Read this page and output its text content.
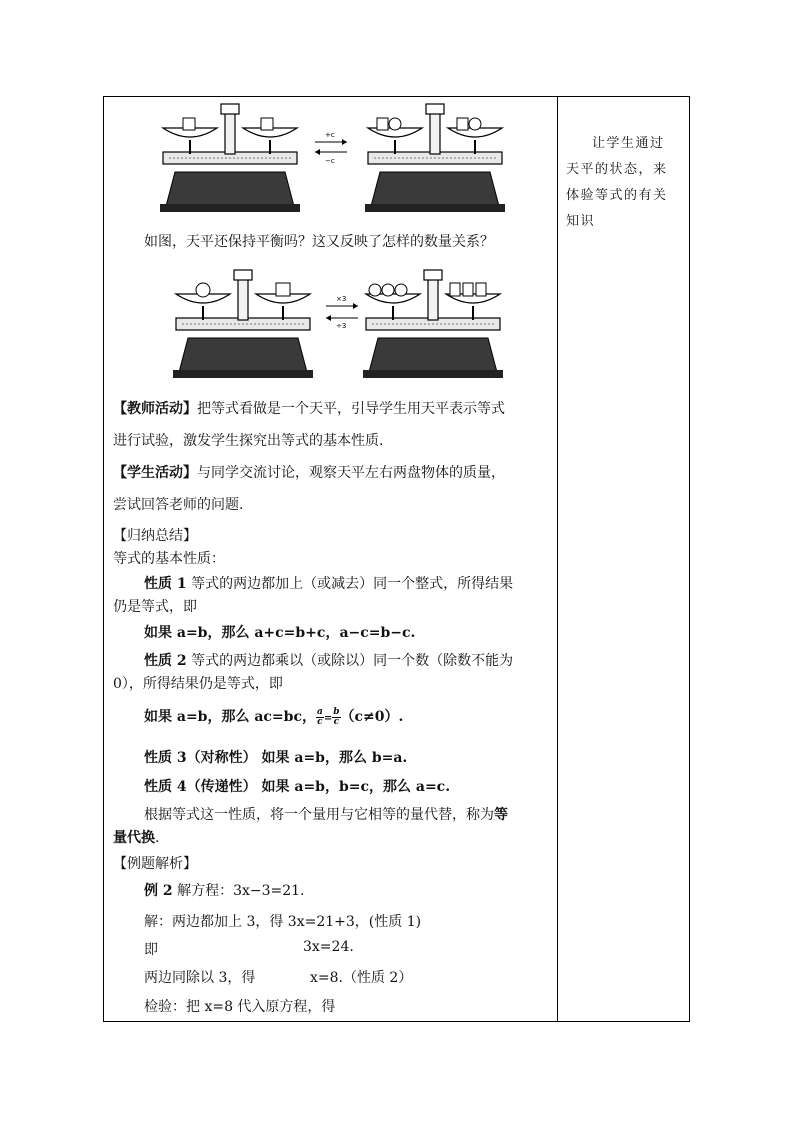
+c
−c
如图，天平还保持平衡吗？这又反映了怎样的数量关系？
×3
÷3
【教师活动】把等式看做是一个天平，引导学生用天平表示等式
进行试验，激发学生探究出等式的基本性质.
【学生活动】与同学交流讨论，观察天平左右两盘物体的质量，
尝试回答老师的问题.
【归纳总结】
等式的基本性质：
性质 1 等式的两边都加上（或减去）同一个整式，所得结果
仍是等式，即
如果 a=b，那么 a+c=b+c，a−c=b−c.
性质 2 等式的两边都乘以（或除以）同一个数（除数不能为
0），所得结果仍是等式，即
如果 a=b，那么 ac=bc， $\frac{a}{c} = \frac{b}{c} (c\ne 0)$.
性质 3（对称性） 如果 a=b，那么 b=a.
性质 4（传递性） 如果 a=b，b=c，那么 a=c.
根据等式这一性质，将一个量用与它相等的量代替，称为等
量代换.
【例题解析】
例 2 解方程：3x−3=21.
解：两边都加上 3，得 3x=21+3，(性质 1)
即	3x=24.
两边同除以 3，得	x=8.（性质 2）
检验：把 x=8 代入原方程，得
让学生通过
天平的状态，来
体验等式的有关
知识
